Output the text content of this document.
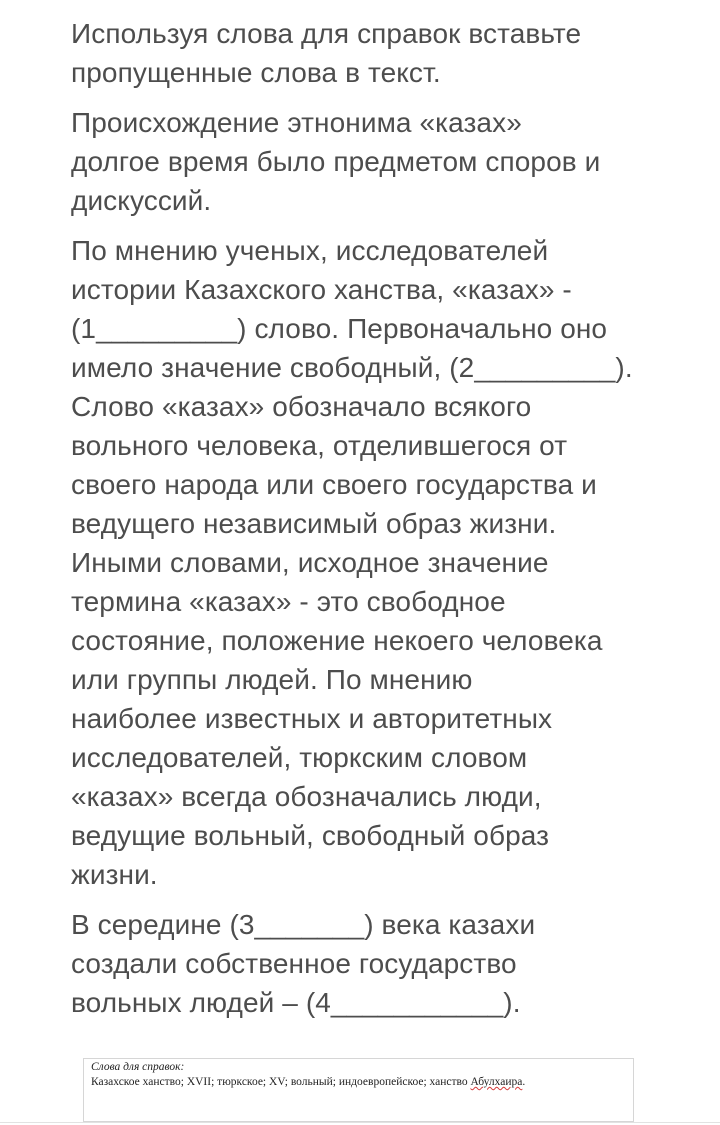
Используя слова для справок вставьте
пропущенные слова в текст.

Происхождение этнонима «казах»
долгое время было предметом споров и
дискуссий.

По мнению ученых, исследователей
истории Казахского ханства, «казах» -
(1_________) слово. Первоначально оно
имело значение свободный, (2_________).
Слово «казах» обозначало всякого
вольного человека, отделившегося от
своего народа или своего государства и
ведущего независимый образ жизни.
Иными словами, исходное значение
термина «казах» - это свободное
состояние, положение некоего человека
или группы людей. По мнению
наиболее известных и авторитетных
исследователей, тюркским словом
«казах» всегда обозначались люди,
ведущие вольный, свободный образ
жизни.

В середине (3_______) века казахи
создали собственное государство
вольных людей – (4___________).

Слова для справок:
Казахское ханство; XVII; тюркское; XV; вольный; индоевропейское; ханство Абулхаира.
